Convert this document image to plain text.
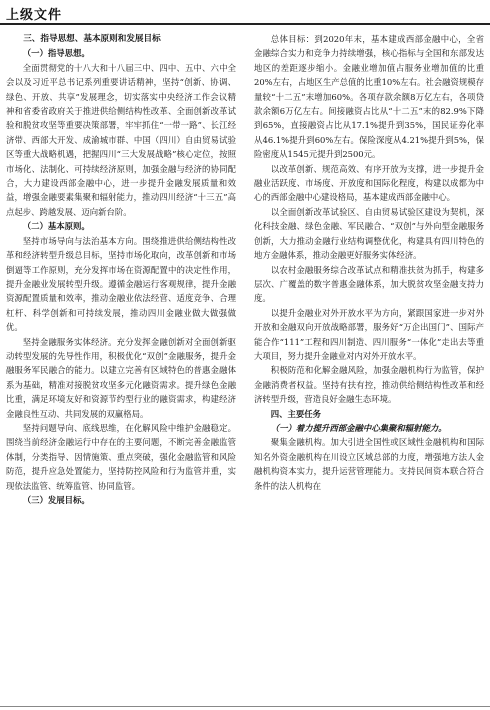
上级文件
三、指导思想、基本原则和发展目标
（一）指导思想。
全面贯彻党的十八大和十八届三中、四中、五中、六中全会以及习近平总书记系列重要讲话精神，坚持“创新、协调、绿色、开放、共享”发展理念，切实落实中央经济工作会议精神和省委省政府关于推进供给侧结构性改革、全面创新改革试验和脱贫攻坚等重要决策部署，牢牢抓住“一带一路”、长江经济带、西部大开发、成渝城市群、中国（四川）自由贸易试验区等重大战略机遇，把握四川“三大发展战略”核心定位，按照市场化、法制化、可持续经济原则，加强金融与经济的协同配合，大力建设西部金融中心，进一步提升金融发展质量和效益，增强金融要素集聚和辐射能力，推动四川经济“十三五”高点起步、跨越发展、迈向新台阶。
（二）基本原则。
坚持市场导向与法治基本方向。围绕推进供给侧结构性改革和经济转型升级总目标，坚持市场化取向，改革创新和市场倒逼等工作原则，充分发挥市场在资源配置中的决定性作用，提升金融业发展转型升级。遵循金融运行客观规律，提升金融资源配置质量和效率，推动金融业依法经营、适度竞争、合理杠杆、科学创新和可持续发展，推动四川金融业做大做强做优。
坚持金融服务实体经济。充分发挥金融创新对全面创新驱动转型发展的先导性作用，积极优化“双创”金融服务，提升金融服务军民融合的能力。以建立完善有区域特色的普惠金融体系为基础，精准对接脱贫攻坚多元化融资需求。提升绿色金融比重，满足环境友好和资源节约型行业的融资需求，构建经济金融良性互动、共同发展的双赢格局。
坚持问题导向、底线思维，在化解风险中维护金融稳定。围绕当前经济金融运行中存在的主要问题，不断完善金融监管体制，分类指导、因情施策、重点突破，强化金融监管和风险防范，提升应急处置能力，坚持防控风险和行为监管并重，实现依法监管、统筹监管、协同监管。
（三）发展目标。
总体目标：到2020年末，基本建成西部金融中心，全省金融综合实力和竞争力持续增强，核心指标与全国和东部发达地区的差距逐步缩小。金融业增加值占服务业增加值的比重20%左右，占地区生产总值的比重10%左右。社会融资规模存量较“十二五”末增加60%。各项存款余额8万亿左右，各项贷款余额6万亿左右。间接融资占比从“十二五”末的82.9%下降到65%，直接融资占比从17.1%提升到35%，国民证券化率从46.1%提升到60%左右。保险深度从4.21%提升到5%，保险密度从1545元提升到2500元。
以改革创新、规范高效、有序开放为支撑，进一步提升金融业活跃度、市场度、开放度和国际化程度，构建以成都为中心的西部金融中心建设格局，基本建成西部金融中心。
以全面创新改革试验区、自由贸易试验区建设为契机，深化科技金融、绿色金融、军民融合、“双创”与外向型金融服务创新，大力推动金融行业结构调整优化，构建具有四川特色的地方金融体系，推动金融更好服务实体经济。
以农村金融服务综合改革试点和精准扶贫为抓手，构建多层次、广覆盖的数字普惠金融体系，加大脱贫攻坚金融支持力度。
以提升金融业对外开放水平为方向，紧跟国家进一步对外开放和金融双向开放战略部署，服务好“万企出国门”、国际产能合作“111”工程和四川制造、四川服务“一体化”走出去等重大项目，努力提升金融业对内对外开放水平。
积极防范和化解金融风险，加强金融机构行为监管，保护金融消费者权益。坚持有扶有控，推动供给侧结构性改革和经济转型升级，营造良好金融生态环境。
四、主要任务
（一）着力提升西部金融中心集聚和辐射能力。
聚集金融机构。加大引进全国性或区域性金融机构和国际知名外资金融机构在川设立区域总部的力度，增强地方法人金融机构资本实力，提升运营管理能力。支持民间资本联合符合条件的法人机构在
